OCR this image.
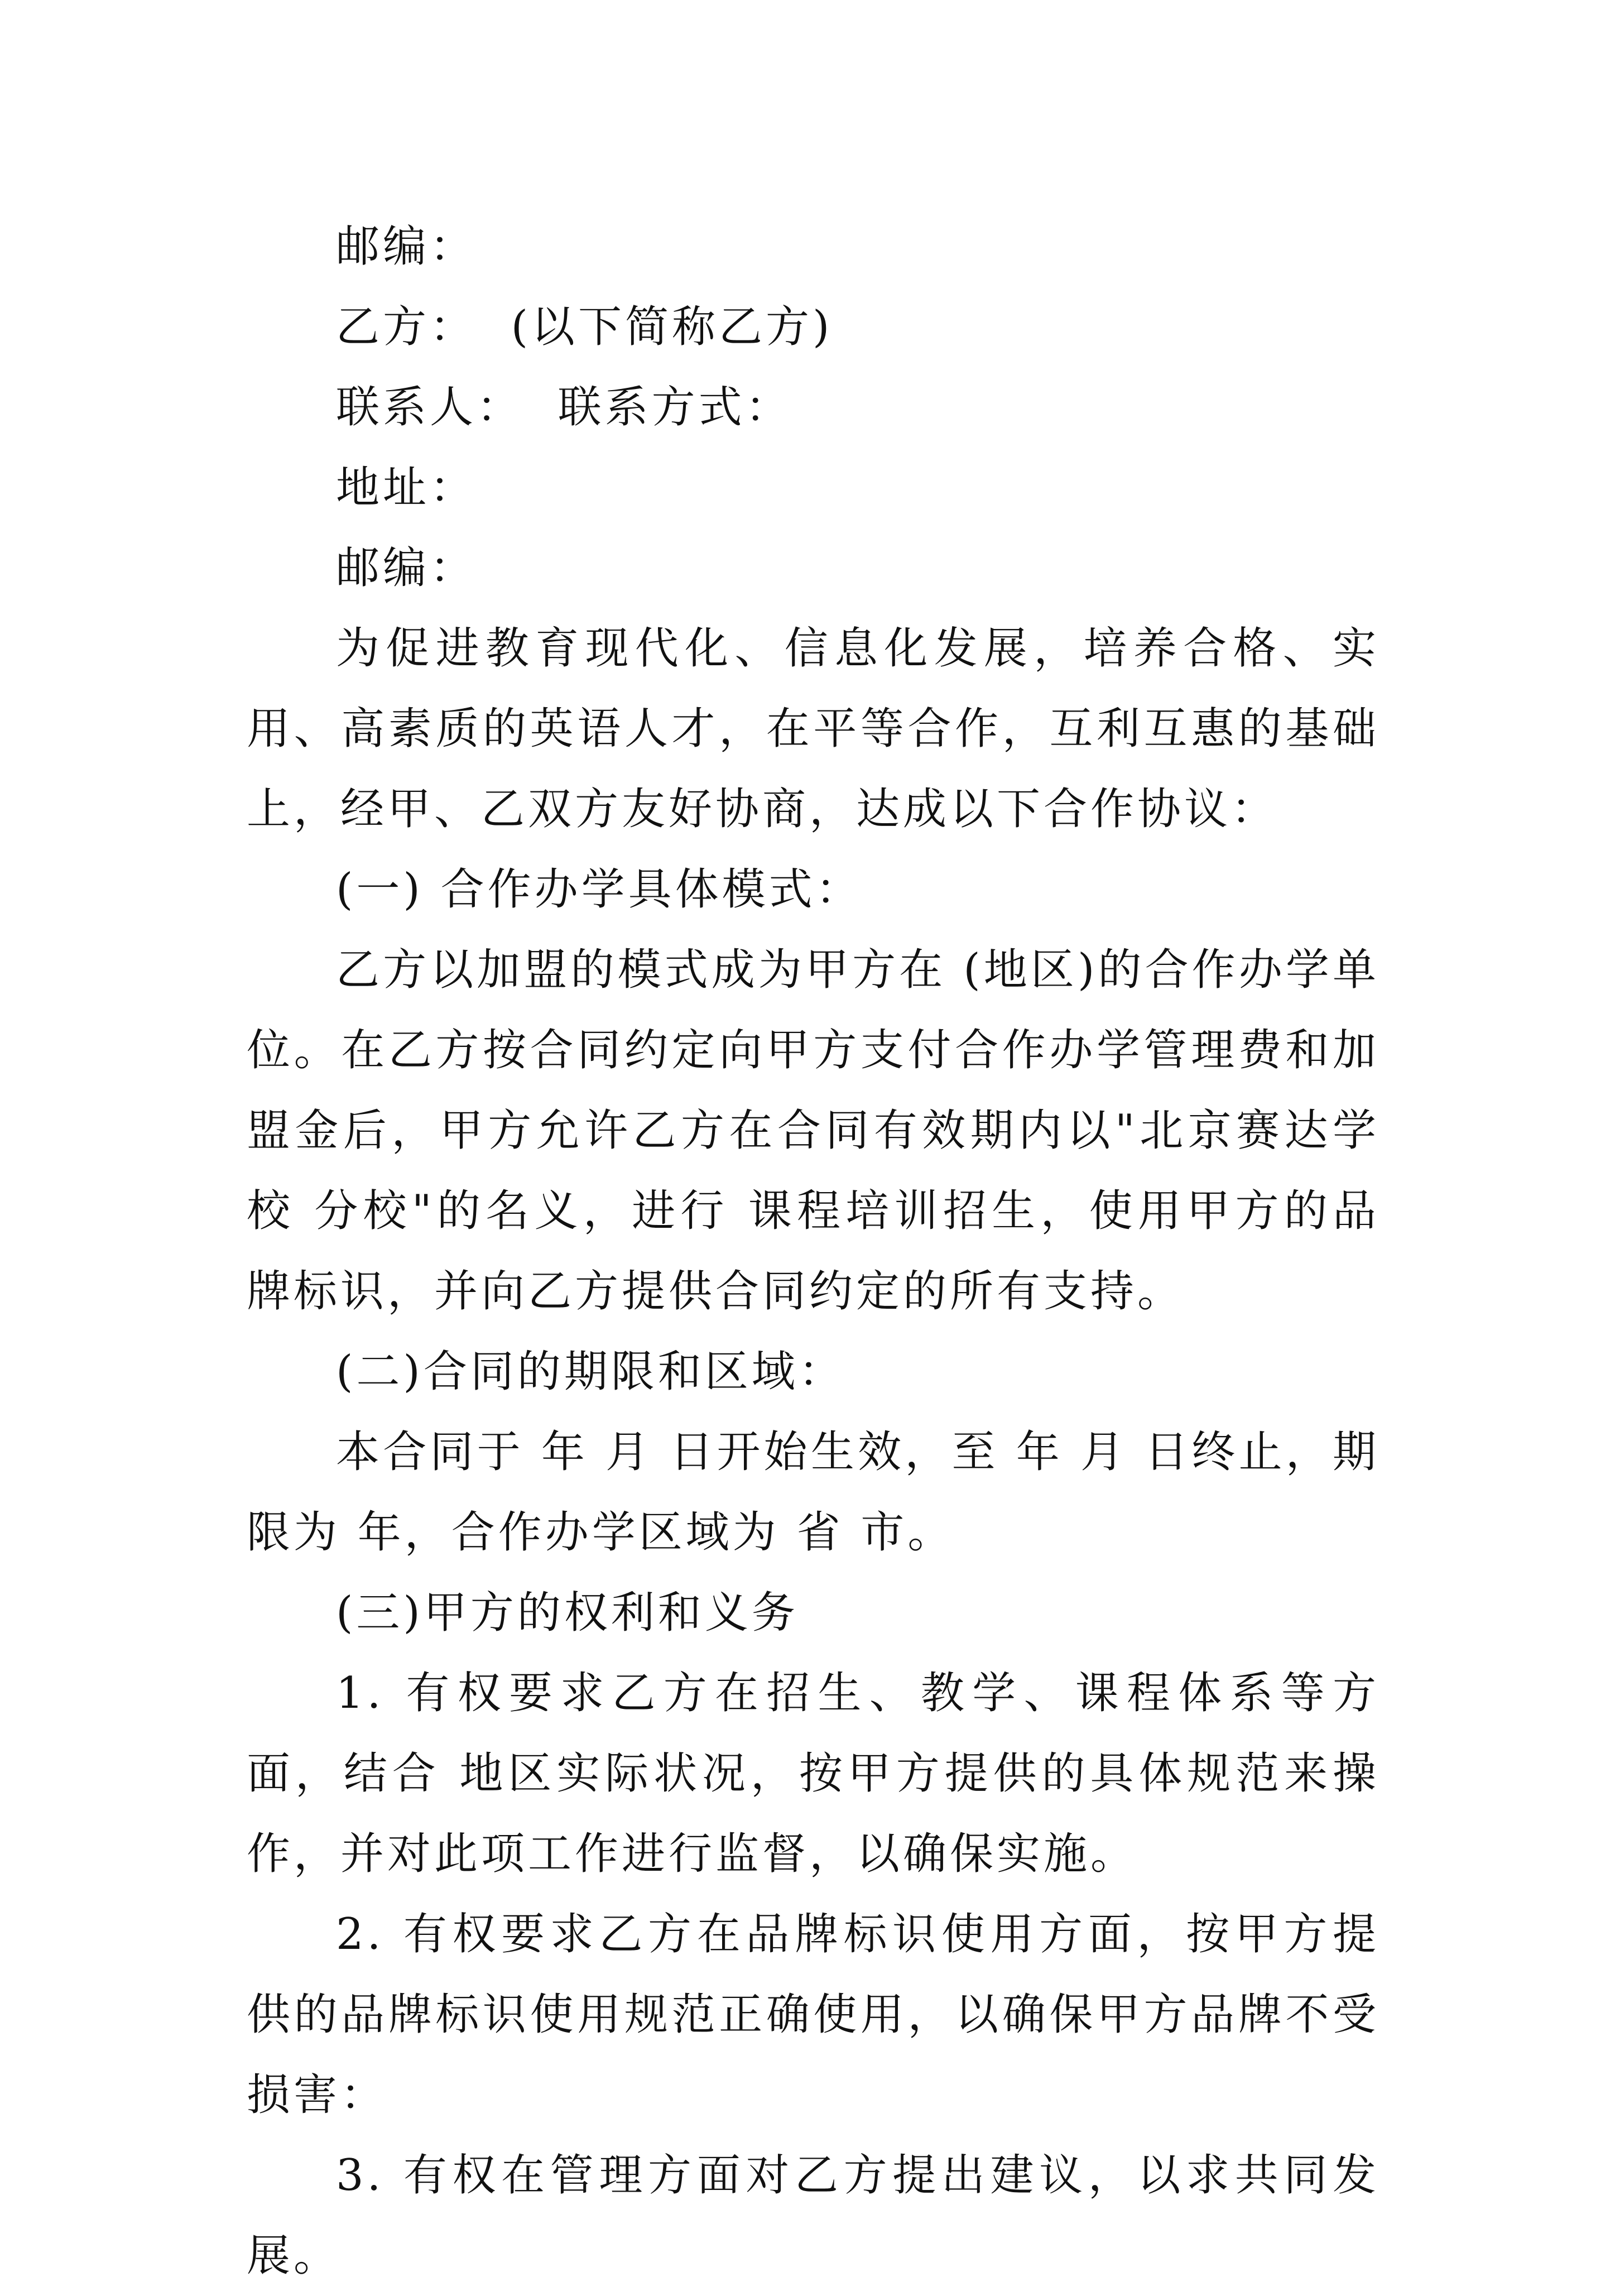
邮编：

乙方：  (以下简称乙方)

联系人：  联系方式：

地址：

邮编：

为促进教育现代化、信息化发展，培养合格、实用、高素质的英语人才，在平等合作，互利互惠的基础上，经甲、乙双方友好协商，达成以下合作协议：

(一) 合作办学具体模式：

乙方以加盟的模式成为甲方在 (地区)的合作办学单位。在乙方按合同约定向甲方支付合作办学管理费和加盟金后，甲方允许乙方在合同有效期内以"北京赛达学校 分校"的名义，进行 课程培训招生，使用甲方的品牌标识，并向乙方提供合同约定的所有支持。

(二)合同的期限和区域：

本合同于 年 月 日开始生效，至 年 月 日终止，期限为 年，合作办学区域为 省 市。

(三)甲方的权利和义务

1. 有权要求乙方在招生、教学、课程体系等方面，结合 地区实际状况，按甲方提供的具体规范来操作，并对此项工作进行监督，以确保实施。

2. 有权要求乙方在品牌标识使用方面，按甲方提供的品牌标识使用规范正确使用，以确保甲方品牌不受损害：

3. 有权在管理方面对乙方提出建议，以求共同发展。
